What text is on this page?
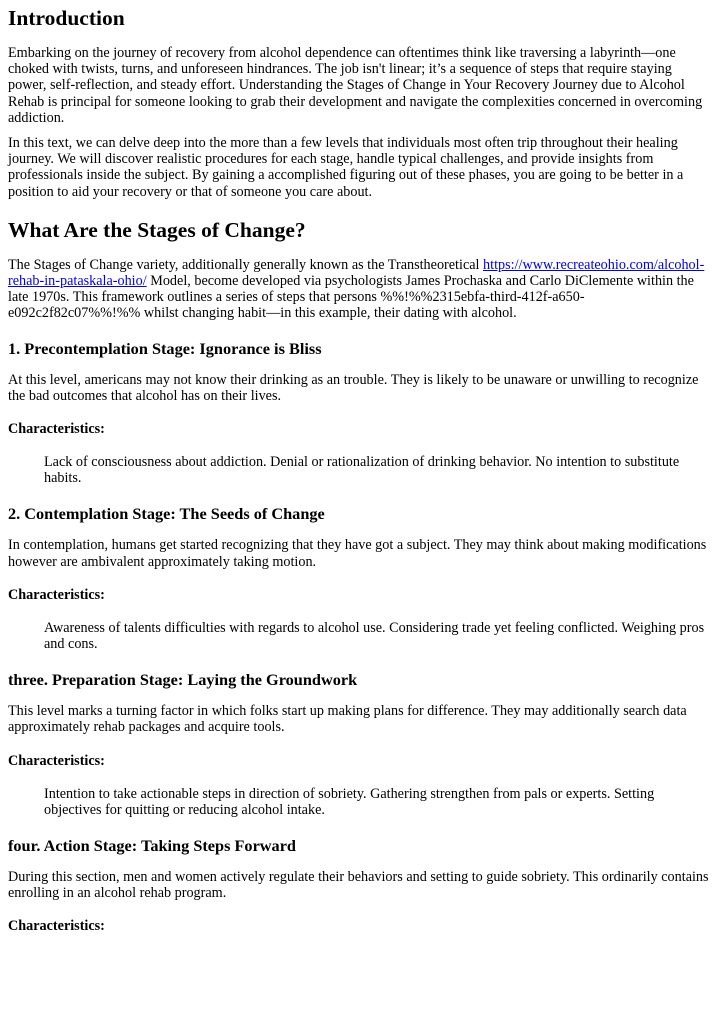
Introduction

Embarking on the journey of recovery from alcohol dependence can oftentimes think like traversing a labyrinth—one choked with twists, turns, and unforeseen hindrances. The job isn't linear; it’s a sequence of steps that require staying power, self-reflection, and steady effort. Understanding the Stages of Change in Your Recovery Journey due to Alcohol Rehab is principal for someone looking to grab their development and navigate the complexities concerned in overcoming addiction.

In this text, we can delve deep into the more than a few levels that individuals most often trip throughout their healing journey. We will discover realistic procedures for each stage, handle typical challenges, and provide insights from professionals inside the subject. By gaining a accomplished figuring out of these phases, you are going to be better in a position to aid your recovery or that of someone you care about.

What Are the Stages of Change?

The Stages of Change variety, additionally generally known as the Transtheoretical https://www.recreateohio.com/alcohol-rehab-in-pataskala-ohio/ Model, become developed via psychologists James Prochaska and Carlo DiClemente within the late 1970s. This framework outlines a series of steps that persons %%!%%2315ebfa-third-412f-a650-e092c2f82c07%%!%% whilst changing habit—in this example, their dating with alcohol.

1. Precontemplation Stage: Ignorance is Bliss

At this level, americans may not know their drinking as an trouble. They is likely to be unaware or unwilling to recognize the bad outcomes that alcohol has on their lives.

Characteristics:
Lack of consciousness about addiction. Denial or rationalization of drinking behavior. No intention to substitute habits.
2. Contemplation Stage: The Seeds of Change

In contemplation, humans get started recognizing that they have got a subject. They may think about making modifications however are ambivalent approximately taking motion.

Characteristics:
Awareness of talents difficulties with regards to alcohol use. Considering trade yet feeling conflicted. Weighing pros and cons.
three. Preparation Stage: Laying the Groundwork

This level marks a turning factor in which folks start up making plans for difference. They may additionally search data approximately rehab packages and acquire tools.

Characteristics:
Intention to take actionable steps in direction of sobriety. Gathering strengthen from pals or experts. Setting objectives for quitting or reducing alcohol intake.
four. Action Stage: Taking Steps Forward

During this section, men and women actively regulate their behaviors and setting to guide sobriety. This ordinarily contains enrolling in an alcohol rehab program.

Characteristics:
